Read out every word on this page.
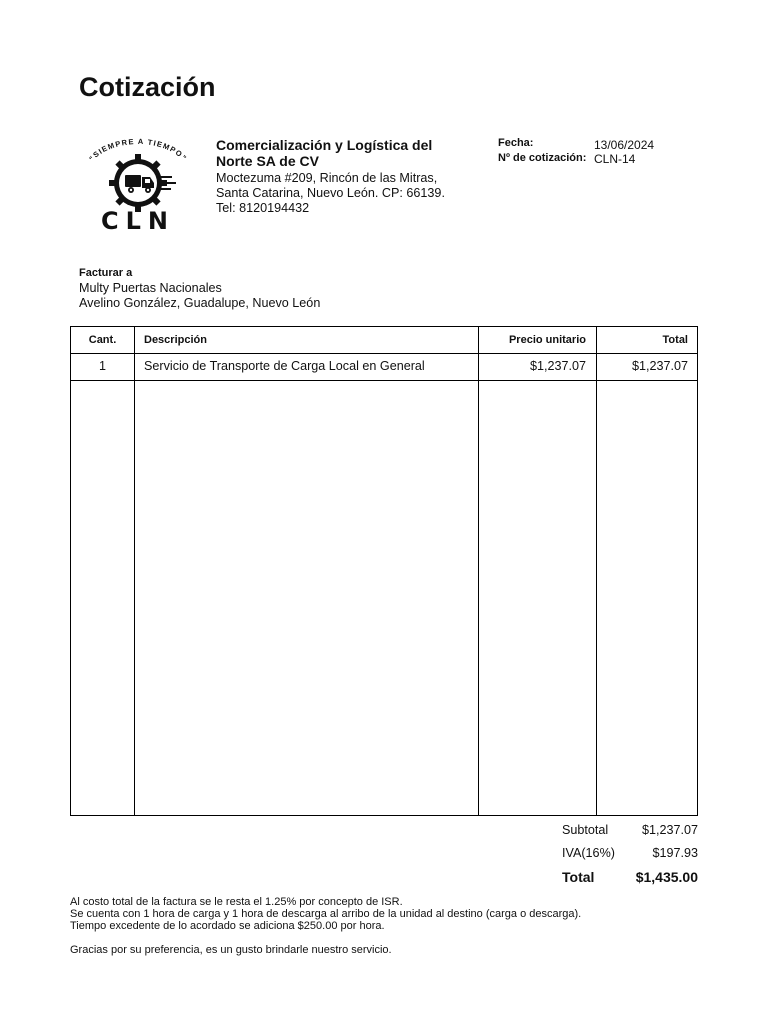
Cotización
“SIEMPRE A TIEMPO”
CLN
Comercialización y Logística del
Norte SA de CV
Moctezuma #209, Rincón de las Mitras,
Santa Catarina, Nuevo León. CP: 66139.
Tel: 8120194432
Fecha:	13/06/2024
Nº de cotización: CLN-14
Facturar a
Multy Puertas Nacionales
Avelino González, Guadalupe, Nuevo León
Cant.	Descripción	Precio unitario	Total
1	Servicio de Transporte de Carga Local en General	$1,237.07	$1,237.07
Subtotal	$1,237.07
IVA(16%)	$197.93
Total	$1,435.00
Al costo total de la factura se le resta el 1.25% por concepto de ISR.
Se cuenta con 1 hora de carga y 1 hora de descarga al arribo de la unidad al destino (carga o descarga).
Tiempo excedente de lo acordado se adiciona $250.00 por hora.
Gracias por su preferencia, es un gusto brindarle nuestro servicio.
